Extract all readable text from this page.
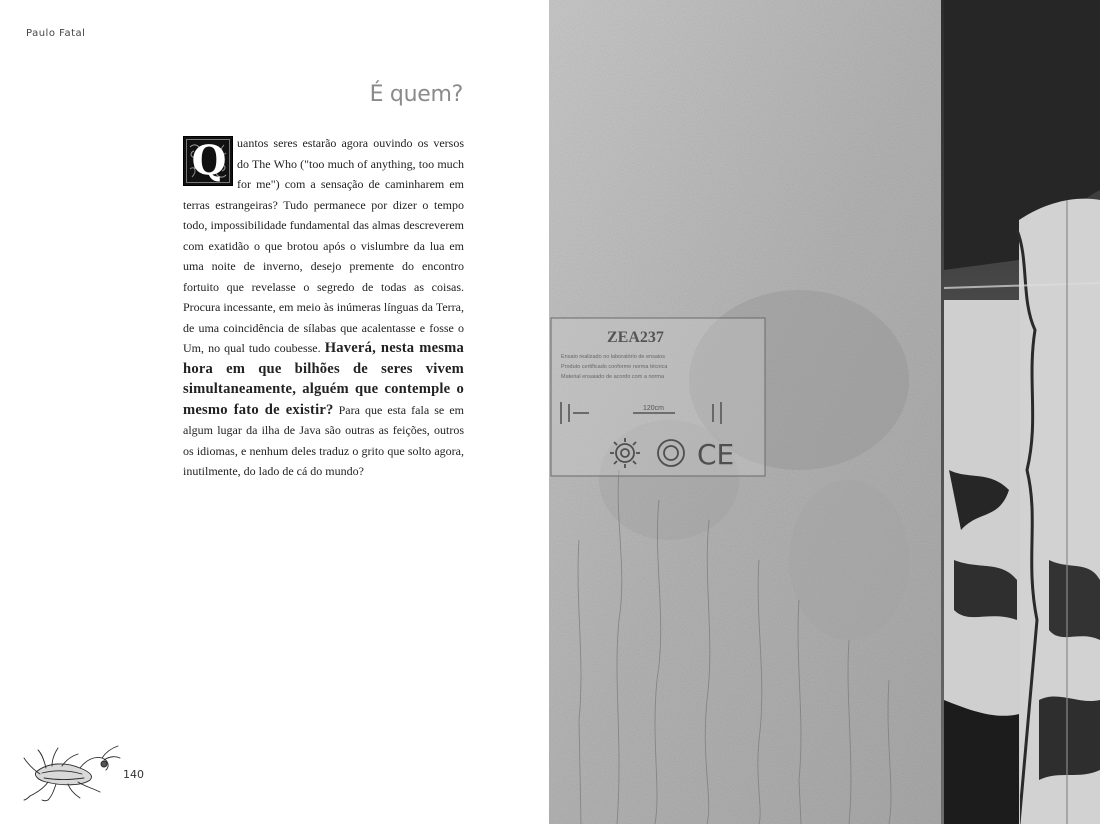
Paulo Fatal
É quem?
Q uantos seres estarão agora ouvindo os versos do The Who ("too much of anything, too much for me") com a sensação de caminharem em terras estrangeiras? Tudo permanece por dizer o tempo todo, impossibilidade fundamental das almas descreverem com exatidão o que brotou após o vislumbre da lua em uma noite de inverno, desejo premente do encontro fortuito que revelasse o segredo de todas as coisas. Procura incessante, em meio às inúmeras línguas da Terra, de uma coincidência de sílabas que acalentasse e fosse o Um, no qual tudo coubesse. Haverá, nesta mesma hora em que bilhões de seres vivem simultaneamente, alguém que contemple o mesmo fato de existir? Para que esta fala se em algum lugar da ilha de Java são outras as feições, outros os idiomas, e nenhum deles traduz o grito que solto agora, inutilmente, do lado de cá do mundo?
140
ZEA237
Ensaio realizado no laboratório de ensaios
Produto certificado conforme norma técnica
Material ensaiado de acordo com a norma
120cm
CE
